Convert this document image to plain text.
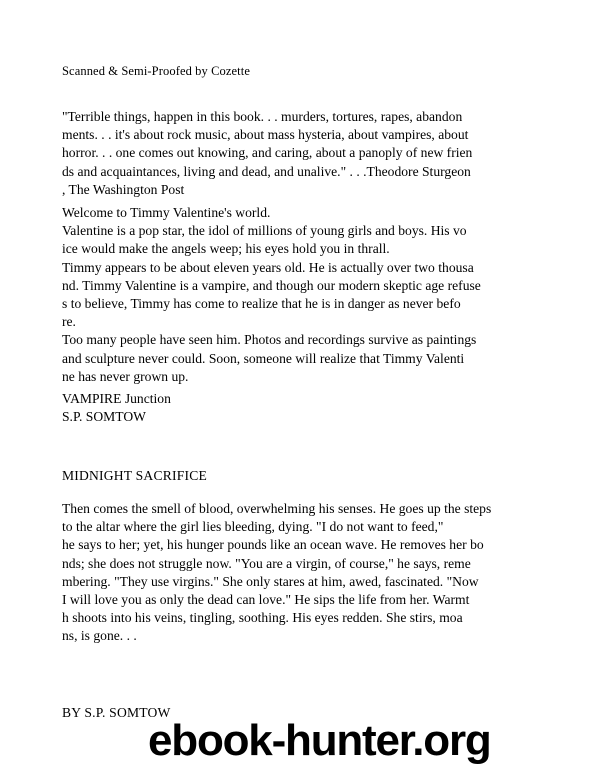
Scanned & Semi-Proofed by Cozette

"Terrible things, happen in this book. . . murders, tortures, rapes, abandon

ments. . . it's about rock music, about mass hysteria, about vampires, about

horror. . . one comes out knowing, and caring, about a panoply of new frien

ds and acquaintances, living and dead, and unalive." . . .Theodore Sturgeon

, The Washington Post

Welcome to Timmy Valentine's world.

Valentine is a pop star, the idol of millions of young girls and boys. His vo

ice would make the angels weep; his eyes hold you in thrall.

Timmy appears to be about eleven years old. He is actually over two thousa

nd. Timmy Valentine is a vampire, and though our modern skeptic age refuse

s to believe, Timmy has come to realize that he is in danger as never befo

re.

Too many people have seen him. Photos and recordings survive as paintings

and sculpture never could. Soon, someone will realize that Timmy Valenti

ne has never grown up.

VAMPIRE Junction

S.P. SOMTOW

MIDNIGHT SACRIFICE

Then comes the smell of blood, overwhelming his senses. He goes up the steps

to the altar where the girl lies bleeding, dying. "I do not want to feed,"

he says to her; yet, his hunger pounds like an ocean wave. He removes her bo

nds; she does not struggle now. "You are a virgin, of course," he says, reme

mbering. "They use virgins." She only stares at him, awed, fascinated. "Now

I will love you as only the dead can love." He sips the life from her. Warmt

h shoots into his veins, tingling, soothing. His eyes redden. She stirs, moa

ns, is gone. . .

BY S.P. SOMTOW
ebook-hunter.org
